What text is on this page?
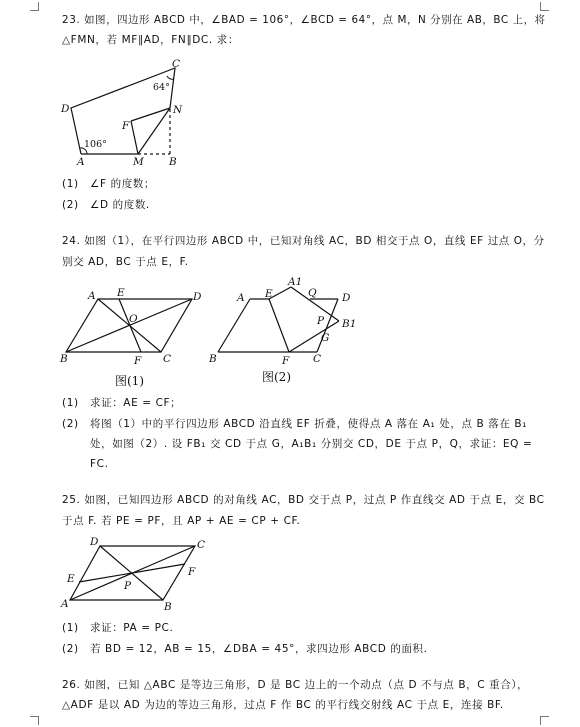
23. 如图，四边形 ABCD 中，∠BAD = 106°，∠BCD = 64°，点 M，N 分别在 AB，BC 上，将
△FMN，若 MF∥AD，FN∥DC. 求：
C
D	N
F
A	M B
106°
64°
(1) ∠F 的度数；
(2) ∠D 的度数.
24. 如图（1），在平行四边形 ABCD 中，已知对角线 AC，BD 相交于点 O，直线 EF 过点 O，分
别交 AD，BC 于点 E，F.
A E	D
O
B	F C
图(1)
A E
A1
Q D
P B1
G
B	F C
图(2)
(1) 求证：AE = CF；
(2) 将图（1）中的平行四边形 ABCD 沿直线 EF 折叠，使得点 A 落在 A₁ 处，点 B 落在 B₁
处，如图（2）. 设 FB₁ 交 CD 于点 G，A₁B₁ 分别交 CD，DE 于点 P，Q，求证：EQ =
FC.
25. 如图，已知四边形 ABCD 的对角线 AC，BD 交于点 P，过点 P 作直线交 AD 于点 E，交 BC
于点 F. 若 PE = PF，且 AP + AE = CP + CF.
D	C
E
P
F
A	B
(1) 求证：PA = PC.
(2) 若 BD = 12，AB = 15，∠DBA = 45°，求四边形 ABCD 的面积.
26. 如图，已知 △ABC 是等边三角形，D 是 BC 边上的一个动点（点 D 不与点 B，C 重合），
△ADF 是以 AD 为边的等边三角形，过点 F 作 BC 的平行线交射线 AC 于点 E，连接 BF.
